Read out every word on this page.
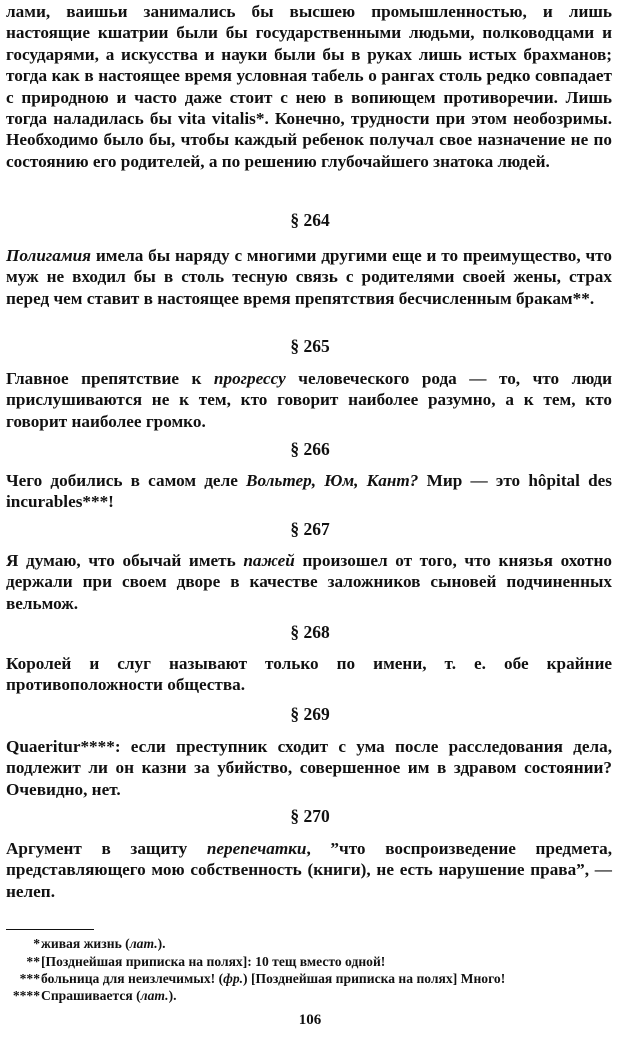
лами, ваишьи занимались бы высшею промышленностью, и лишь настоящие кшатрии были бы государственными людьми, полководцами и государями, а искусства и науки были бы в руках лишь истых брахманов; тогда как в настоящее время условная табель о рангах столь редко совпадает с природною и часто даже стоит с нею в вопиющем противоречии. Лишь тогда наладилась бы vita vitalis*. Конечно, трудности при этом необозримы. Необходимо было бы, чтобы каждый ребенок получал свое назначение не по состоянию его родителей, а по решению глубочайшего знатока людей.

§ 264

Полигамия имела бы наряду с многими другими еще и то преимущество, что муж не входил бы в столь тесную связь с родителями своей жены, страх перед чем ставит в настоящее время препятствия бесчисленным бракам**.

§ 265

Главное препятствие к прогрессу человеческого рода — то, что люди прислушиваются не к тем, кто говорит наиболее разумно, а к тем, кто говорит наиболее громко.

§ 266

Чего добились в самом деле Вольтер, Юм, Кант? Мир — это hôpital des incurables***!

§ 267

Я думаю, что обычай иметь пажей произошел от того, что князья охотно держали при своем дворе в качестве заложников сыновей подчиненных вельмож.

§ 268

Королей и слуг называют только по имени, т. е. обе крайние противоположности общества.

§ 269

Quaeritur****: если преступник сходит с ума после расследования дела, подлежит ли он казни за убийство, совершенное им в здравом состоянии? Очевидно, нет.

§ 270

Аргумент в защиту перепечатки, ”что воспроизведение предмета, представляющего мою собственность (книги), не есть нарушение права”, — нелеп.

*живая жизнь (лат.).
**[Позднейшая приписка на полях]: 10 тещ вместо одной!
***больница для неизлечимых! (фр.) [Позднейшая приписка на полях] Много!
****Спрашивается (лат.).
106
